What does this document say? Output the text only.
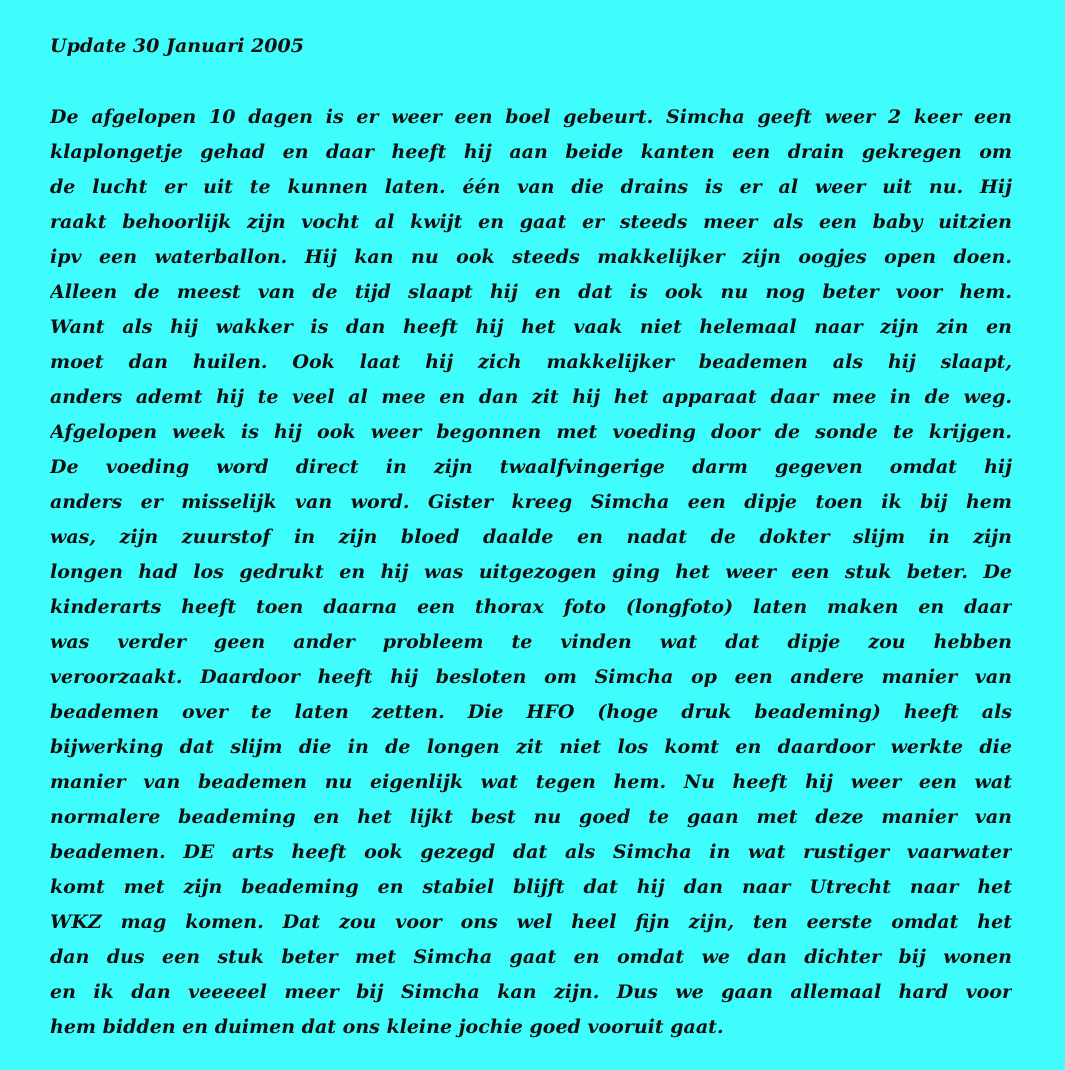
Update 30 Januari 2005
De afgelopen 10 dagen is er weer een boel gebeurt. Simcha geeft weer 2 keer een
klaplongetje gehad en daar heeft hij aan beide kanten een drain gekregen om
de lucht er uit te kunnen laten. één van die drains is er al weer uit nu. Hij
raakt behoorlijk zijn vocht al kwijt en gaat er steeds meer als een baby uitzien
ipv een waterballon. Hij kan nu ook steeds makkelijker zijn oogjes open doen.
Alleen de meest van de tijd slaapt hij en dat is ook nu nog beter voor hem.
Want als hij wakker is dan heeft hij het vaak niet helemaal naar zijn zin en
moet dan huilen. Ook laat hij zich makkelijker beademen als hij slaapt,
anders ademt hij te veel al mee en dan zit hij het apparaat daar mee in de weg.
Afgelopen week is hij ook weer begonnen met voeding door de sonde te krijgen.
De voeding word direct in zijn twaalfvingerige darm gegeven omdat hij
anders er misselijk van word. Gister kreeg Simcha een dipje toen ik bij hem
was, zijn zuurstof in zijn bloed daalde en nadat de dokter slijm in zijn
longen had los gedrukt en hij was uitgezogen ging het weer een stuk beter. De
kinderarts heeft toen daarna een thorax foto (longfoto) laten maken en daar
was verder geen ander probleem te vinden wat dat dipje zou hebben
veroorzaakt. Daardoor heeft hij besloten om Simcha op een andere manier van
beademen over te laten zetten. Die HFO (hoge druk beademing) heeft als
bijwerking dat slijm die in de longen zit niet los komt en daardoor werkte die
manier van beademen nu eigenlijk wat tegen hem. Nu heeft hij weer een wat
normalere beademing en het lijkt best nu goed te gaan met deze manier van
beademen. DE arts heeft ook gezegd dat als Simcha in wat rustiger vaarwater
komt met zijn beademing en stabiel blijft dat hij dan naar Utrecht naar het
WKZ mag komen. Dat zou voor ons wel heel fijn zijn, ten eerste omdat het
dan dus een stuk beter met Simcha gaat en omdat we dan dichter bij wonen
en ik dan veeeeel meer bij Simcha kan zijn. Dus we gaan allemaal hard voor
hem bidden en duimen dat ons kleine jochie goed vooruit gaat.
